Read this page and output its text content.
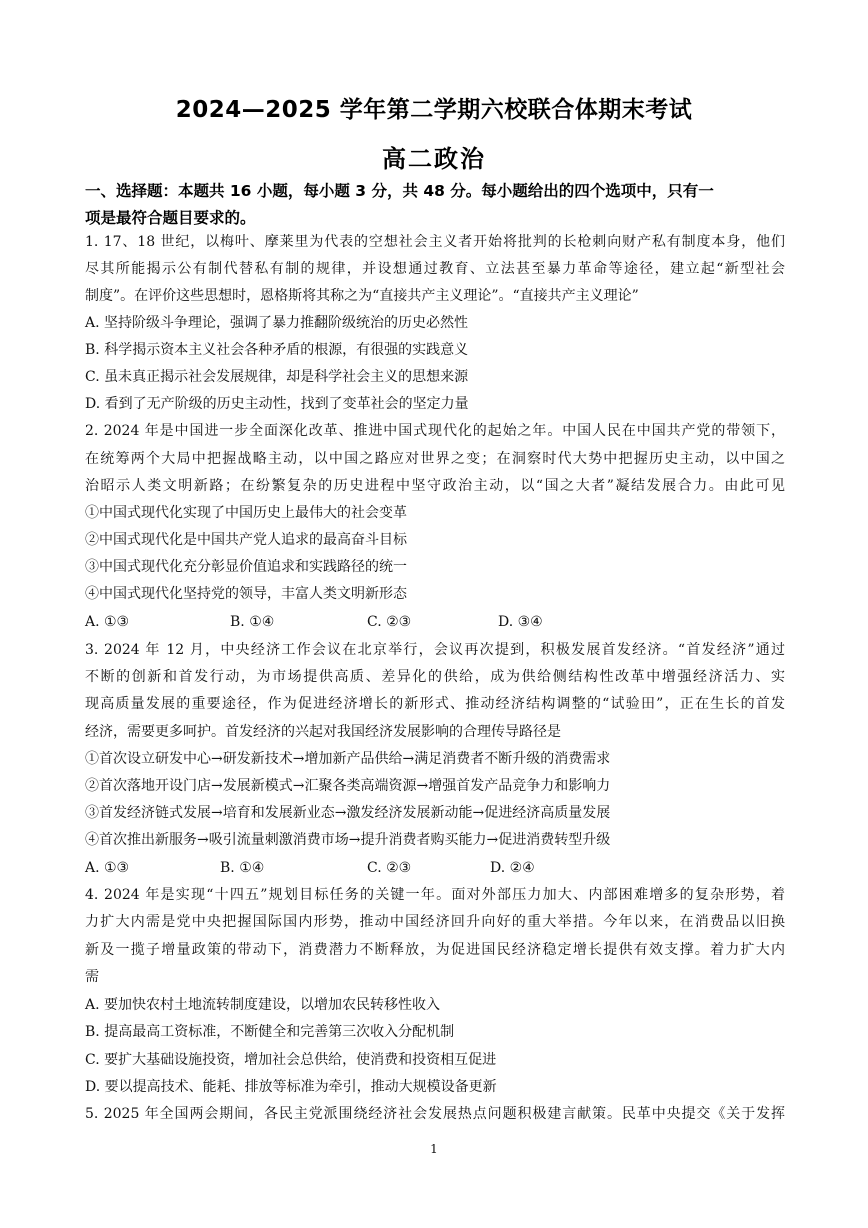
2024—2025 学年第二学期六校联合体期末考试
高二政治
一、选择题：本题共 16 小题，每小题 3 分，共 48 分。每小题给出的四个选项中，只有一
项是最符合题目要求的。
1. 17、18 世纪，以梅叶、摩莱里为代表的空想社会主义者开始将批判的长枪刺向财产私有制度本身，他们
尽其所能揭示公有制代替私有制的规律，并设想通过教育、立法甚至暴力革命等途径，建立起“新型社会
制度”。在评价这些思想时，恩格斯将其称之为“直接共产主义理论”。“直接共产主义理论”
A. 坚持阶级斗争理论，强调了暴力推翻阶级统治的历史必然性
B. 科学揭示资本主义社会各种矛盾的根源，有很强的实践意义
C. 虽未真正揭示社会发展规律，却是科学社会主义的思想来源
D. 看到了无产阶级的历史主动性，找到了变革社会的坚定力量
2. 2024 年是中国进一步全面深化改革、推进中国式现代化的起始之年。中国人民在中国共产党的带领下，
在统筹两个大局中把握战略主动，以中国之路应对世界之变；在洞察时代大势中把握历史主动，以中国之
治昭示人类文明新路；在纷繁复杂的历史进程中坚守政治主动，以“国之大者”凝结发展合力。由此可见
①中国式现代化实现了中国历史上最伟大的社会变革
②中国式现代化是中国共产党人追求的最高奋斗目标
③中国式现代化充分彰显价值追求和实践路径的统一
④中国式现代化坚持党的领导，丰富人类文明新形态
A. ①③	B. ①④	C. ②③	D. ③④
3. 2024 年 12 月，中央经济工作会议在北京举行，会议再次提到，积极发展首发经济。“首发经济”通过
不断的创新和首发行动，为市场提供高质、差异化的供给，成为供给侧结构性改革中增强经济活力、实
现高质量发展的重要途径，作为促进经济增长的新形式、推动经济结构调整的“试验田”，正在生长的首发
经济，需要更多呵护。首发经济的兴起对我国经济发展影响的合理传导路径是
①首次设立研发中心→研发新技术→增加新产品供给→满足消费者不断升级的消费需求
②首次落地开设门店→发展新模式→汇聚各类高端资源→增强首发产品竞争力和影响力
③首发经济链式发展→培育和发展新业态→激发经济发展新动能→促进经济高质量发展
④首次推出新服务→吸引流量刺激消费市场→提升消费者购买能力→促进消费转型升级
A. ①③	B. ①④	C. ②③	D. ②④
4. 2024 年是实现“十四五”规划目标任务的关键一年。面对外部压力加大、内部困难增多的复杂形势，着
力扩大内需是党中央把握国际国内形势，推动中国经济回升向好的重大举措。今年以来，在消费品以旧换
新及一揽子增量政策的带动下，消费潜力不断释放，为促进国民经济稳定增长提供有效支撑。着力扩大内
需
A. 要加快农村土地流转制度建设，以增加农民转移性收入
B. 提高最高工资标准，不断健全和完善第三次收入分配机制
C. 要扩大基础设施投资，增加社会总供给，使消费和投资相互促进
D. 要以提高技术、能耗、排放等标准为牵引，推动大规模设备更新
5. 2025 年全国两会期间，各民主党派围绕经济社会发展热点问题积极建言献策。民革中央提交《关于发挥
1
